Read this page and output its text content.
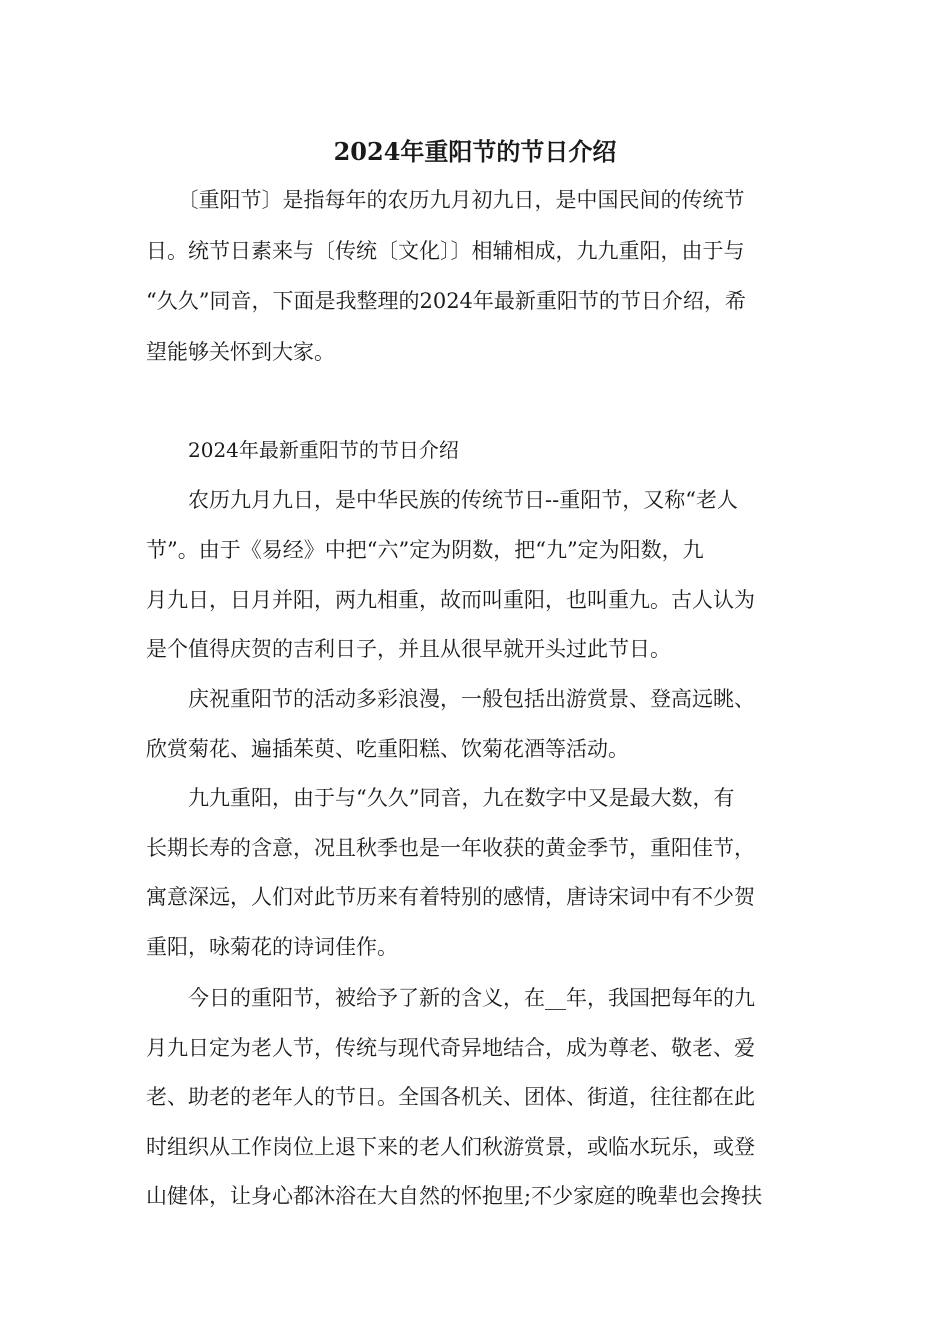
2024年重阳节的节日介绍
　　〔重阳节〕是指每年的农历九月初九日，是中国民间的传统节
日。统节日素来与〔传统〔文化〕〕相辅相成，九九重阳，由于与
“久久”同音，下面是我整理的2024年最新重阳节的节日介绍，希
望能够关怀到大家。
2024年最新重阳节的节日介绍
　　农历九月九日，是中华民族的传统节日--重阳节，又称“老人
节”。由于《易经》中把“六”定为阴数，把“九”定为阳数，九
月九日，日月并阳，两九相重，故而叫重阳，也叫重九。古人认为
是个值得庆贺的吉利日子，并且从很早就开头过此节日。
　　庆祝重阳节的活动多彩浪漫，一般包括出游赏景、登高远眺、
欣赏菊花、遍插茱萸、吃重阳糕、饮菊花酒等活动。
　　九九重阳，由于与“久久”同音，九在数字中又是最大数，有
长期长寿的含意，况且秋季也是一年收获的黄金季节，重阳佳节，
寓意深远，人们对此节历来有着特别的感情，唐诗宋词中有不少贺
重阳，咏菊花的诗词佳作。
　　今日的重阳节，被给予了新的含义，在__年，我国把每年的九
月九日定为老人节，传统与现代奇异地结合，成为尊老、敬老、爱
老、助老的老年人的节日。全国各机关、团体、街道，往往都在此
时组织从工作岗位上退下来的老人们秋游赏景，或临水玩乐，或登
山健体，让身心都沐浴在大自然的怀抱里;不少家庭的晚辈也会搀扶
